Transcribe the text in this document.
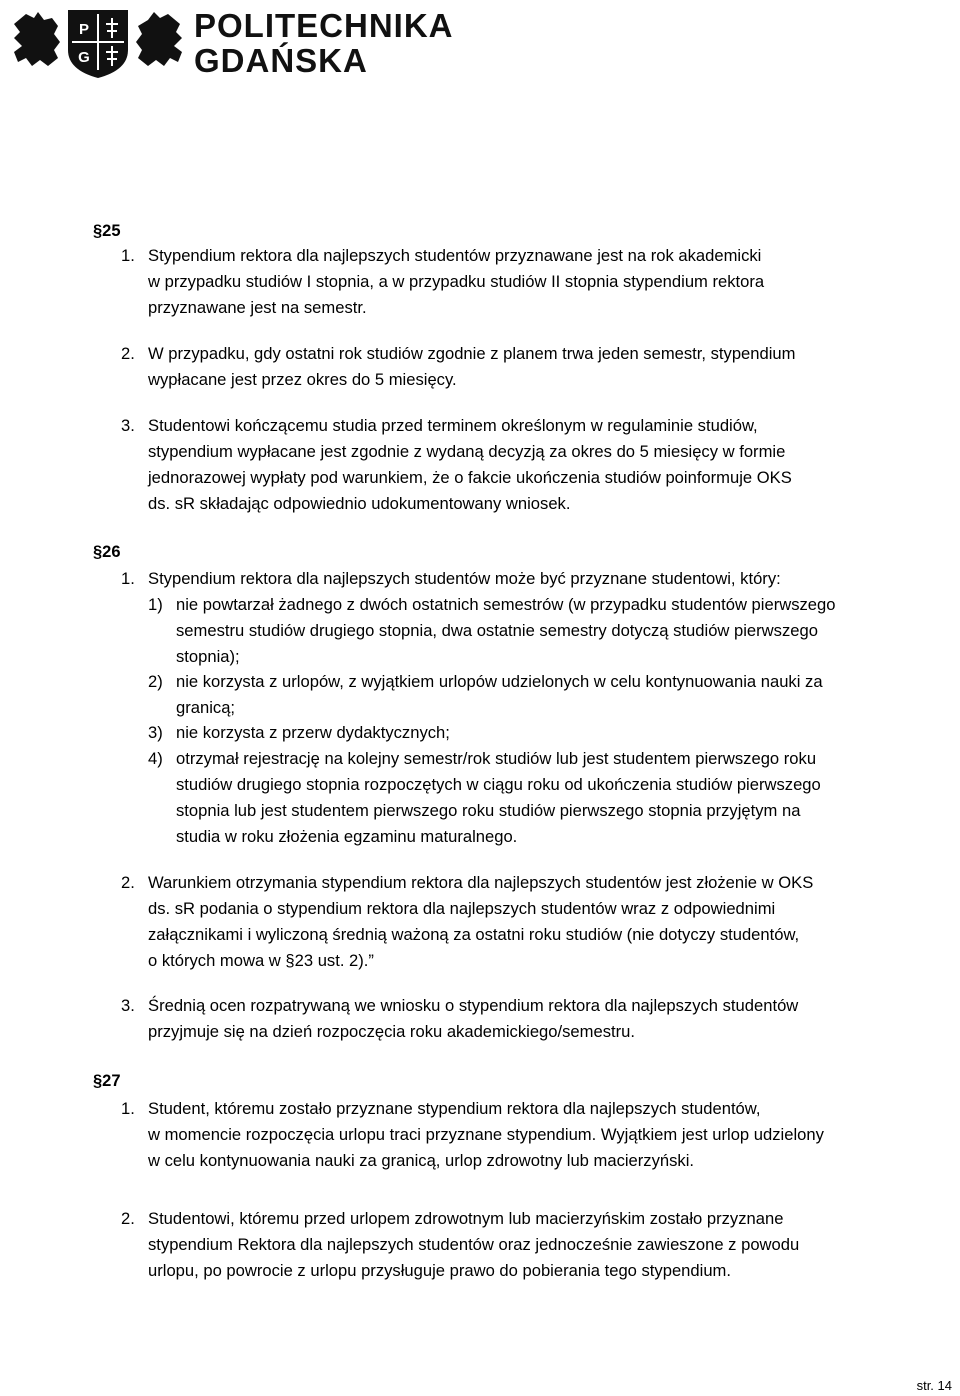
P
G
POLITECHNIKA
GDAŃSKA
§25
1. Stypendium rektora dla najlepszych studentów przyznawane jest na rok akademicki
w przypadku studiów I stopnia, a w przypadku studiów II stopnia stypendium rektora
przyznawane jest na semestr.
2. W przypadku, gdy ostatni rok studiów zgodnie z planem trwa jeden semestr, stypendium
wypłacane jest przez okres do 5 miesięcy.
3. Studentowi kończącemu studia przed terminem określonym w regulaminie studiów,
stypendium wypłacane jest zgodnie z wydaną decyzją za okres do 5 miesięcy w formie
jednorazowej wypłaty pod warunkiem, że o fakcie ukończenia studiów poinformuje OKS
ds. sR składając odpowiednio udokumentowany wniosek.
§26
1. Stypendium rektora dla najlepszych studentów może być przyznane studentowi, który:
1) nie powtarzał żadnego z dwóch ostatnich semestrów (w przypadku studentów pierwszego
semestru studiów drugiego stopnia, dwa ostatnie semestry dotyczą studiów pierwszego
stopnia);
2) nie korzysta z urlopów, z wyjątkiem urlopów udzielonych w celu kontynuowania nauki za
granicą;
3) nie korzysta z przerw dydaktycznych;
4) otrzymał rejestrację na kolejny semestr/rok studiów lub jest studentem pierwszego roku
studiów drugiego stopnia rozpoczętych w ciągu roku od ukończenia studiów pierwszego
stopnia lub jest studentem pierwszego roku studiów pierwszego stopnia przyjętym na
studia w roku złożenia egzaminu maturalnego.
2. Warunkiem otrzymania stypendium rektora dla najlepszych studentów jest złożenie w OKS
ds. sR podania o stypendium rektora dla najlepszych studentów wraz z odpowiednimi
załącznikami i wyliczoną średnią ważoną za ostatni roku studiów (nie dotyczy studentów,
o których mowa w §23 ust. 2).”
3. Średnią ocen rozpatrywaną we wniosku o stypendium rektora dla najlepszych studentów
przyjmuje się na dzień rozpoczęcia roku akademickiego/semestru.
§27
1. Student, któremu zostało przyznane stypendium rektora dla najlepszych studentów,
w momencie rozpoczęcia urlopu traci przyznane stypendium. Wyjątkiem jest urlop udzielony
w celu kontynuowania nauki za granicą, urlop zdrowotny lub macierzyński.
2. Studentowi, któremu przed urlopem zdrowotnym lub macierzyńskim zostało przyznane
stypendium Rektora dla najlepszych studentów oraz jednocześnie zawieszone z powodu
urlopu, po powrocie z urlopu przysługuje prawo do pobierania tego stypendium.
str. 14
